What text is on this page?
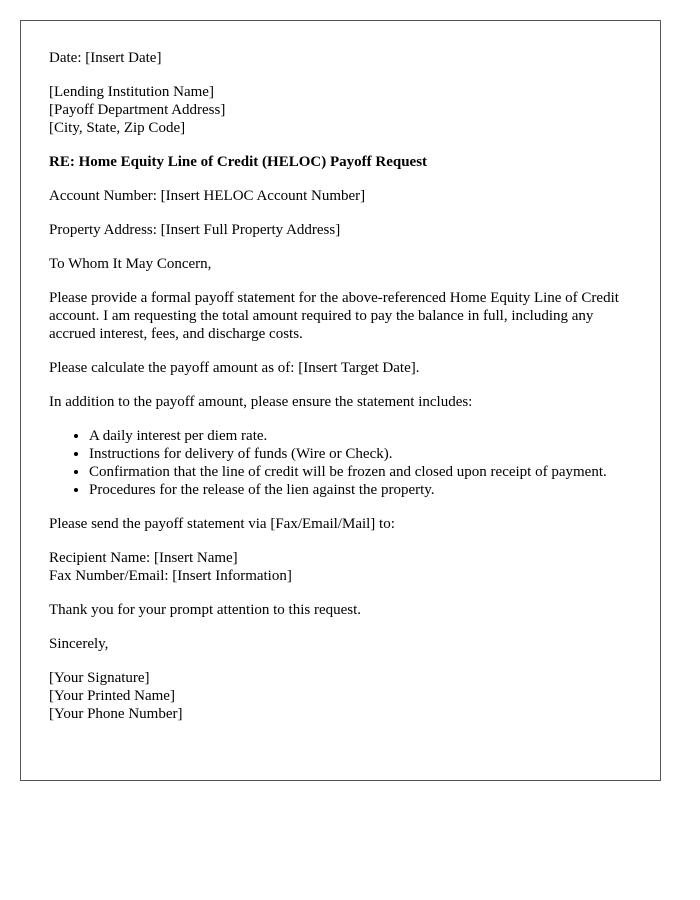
Date: [Insert Date]

[Lending Institution Name]
[Payoff Department Address]
[City, State, Zip Code]

RE: Home Equity Line of Credit (HELOC) Payoff Request

Account Number: [Insert HELOC Account Number]

Property Address: [Insert Full Property Address]

To Whom It May Concern,

Please provide a formal payoff statement for the above-referenced Home Equity Line of Credit account. I am requesting the total amount required to pay the balance in full, including any accrued interest, fees, and discharge costs.

Please calculate the payoff amount as of: [Insert Target Date].

In addition to the payoff amount, please ensure the statement includes:

• A daily interest per diem rate.
• Instructions for delivery of funds (Wire or Check).
• Confirmation that the line of credit will be frozen and closed upon receipt of payment.
• Procedures for the release of the lien against the property.

Please send the payoff statement via [Fax/Email/Mail] to:

Recipient Name: [Insert Name]
Fax Number/Email: [Insert Information]

Thank you for your prompt attention to this request.

Sincerely,

[Your Signature]
[Your Printed Name]
[Your Phone Number]
